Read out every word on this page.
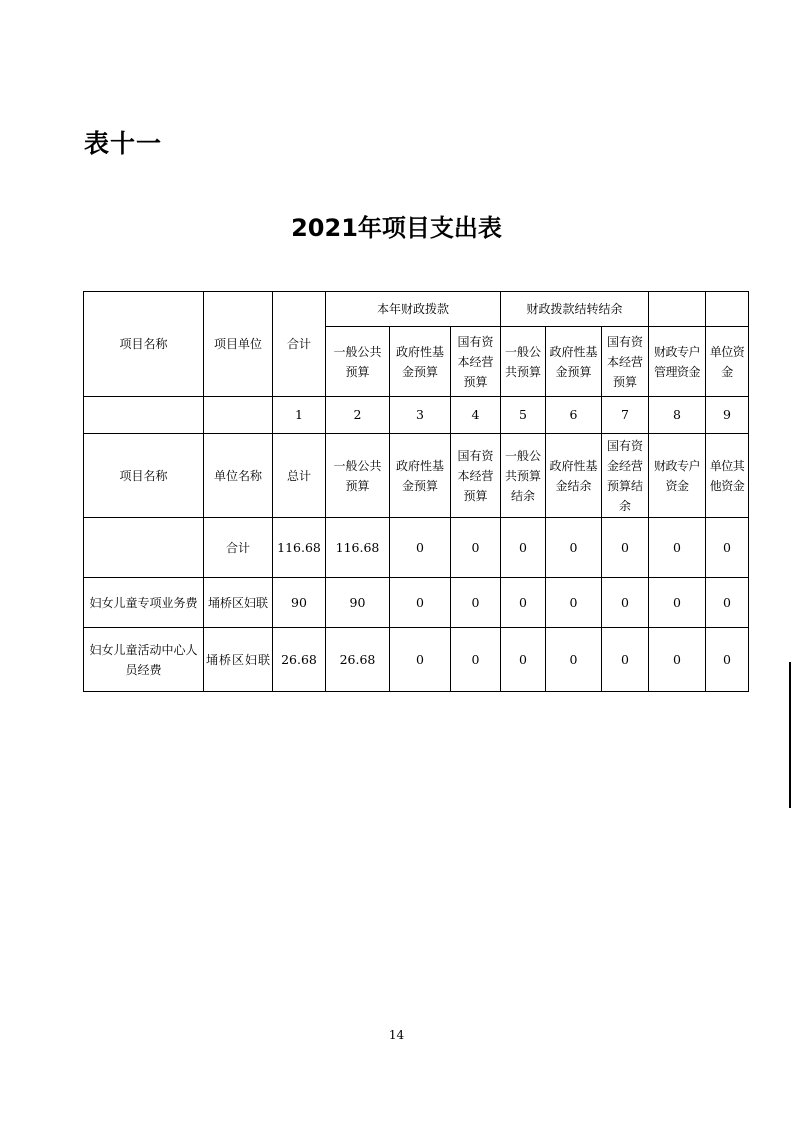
表十一
2021年项目支出表
项目名称	项目单位	合计	本年财政拨款			财政拨款结转结余				
			一般公共预算	政府性基金预算	国有资本经营预算	一般公共预算	政府性基金预算	国有资本经营预算	财政专户管理资金	单位资金
		1	2	3	4	5	6	7	8	9
项目名称	单位名称	总计	一般公共预算	政府性基金预算	国有资本经营预算	一般公共预算结余	政府性基金结余	国有资金经营预算结余	财政专户资金	单位其他资金
	合计	116.68	116.68	0	0	0	0	0	0	0
妇女儿童专项业务费	埇桥区妇联	90	90	0	0	0	0	0	0	0
妇女儿童活动中心人员经费	埇桥区妇联	26.68	26.68	0	0	0	0	0	0	0
14
